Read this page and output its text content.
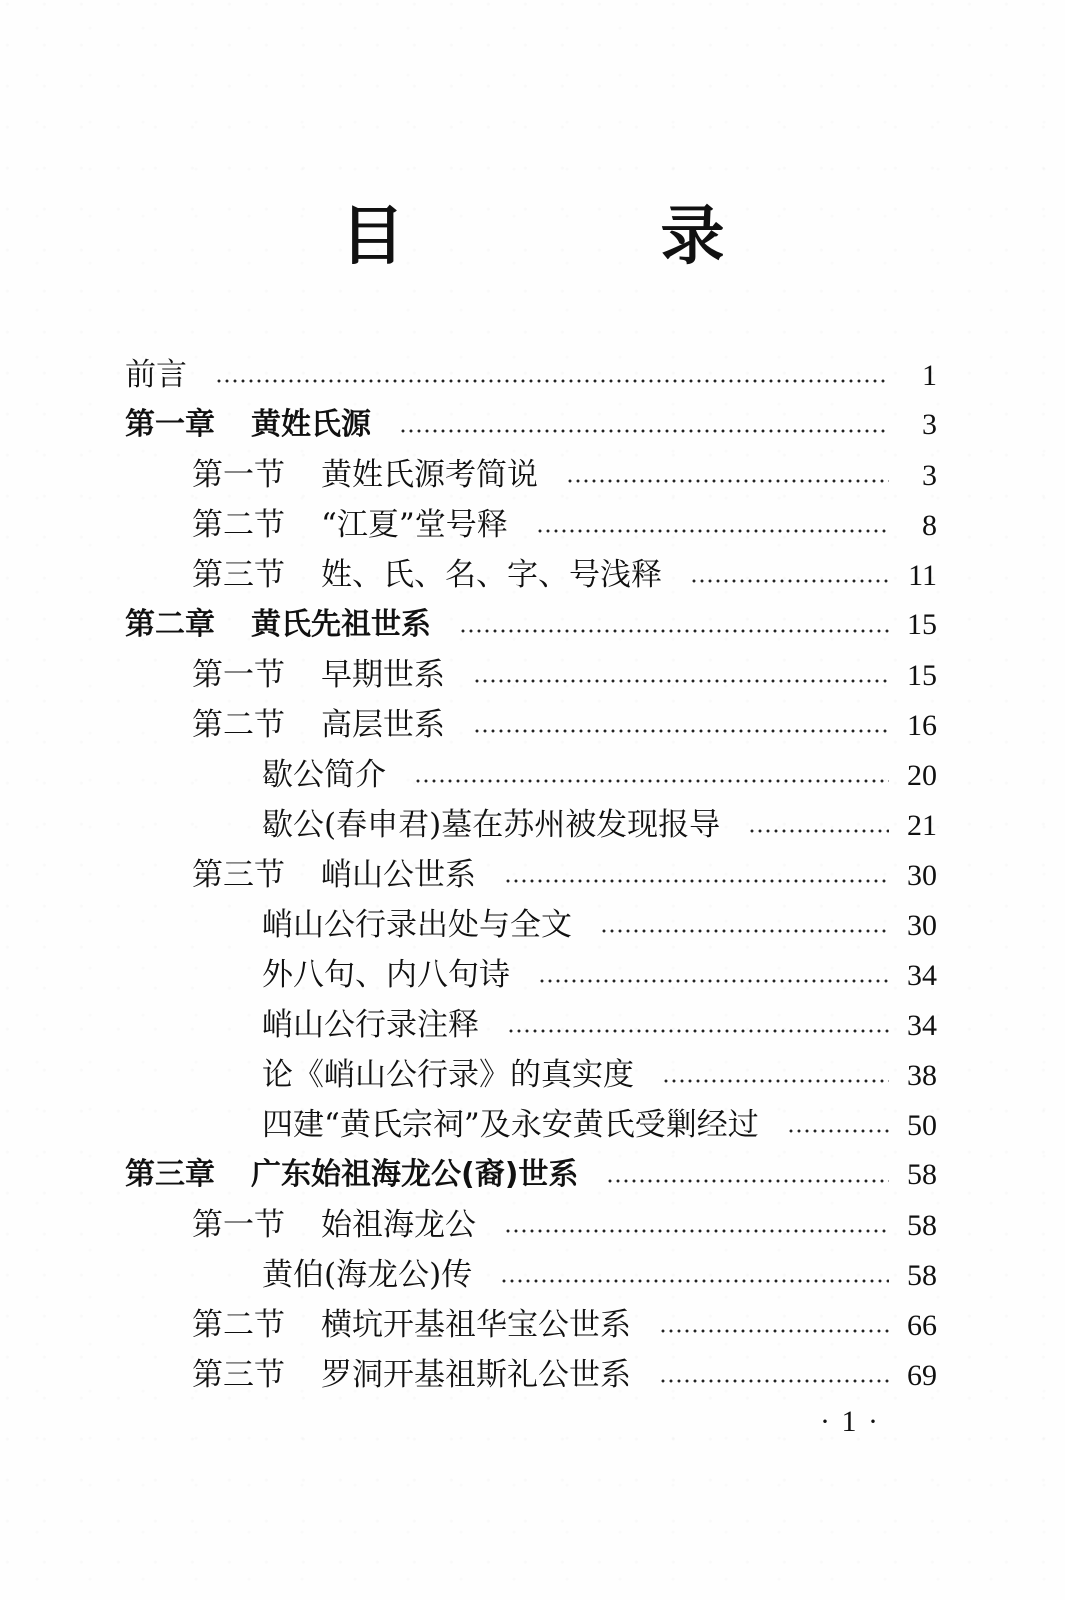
目　录
前言	1
第一章 黄姓氏源	3
第一节 黄姓氏源考简说	3
第二节 “江夏”堂号释	8
第三节 姓、氏、名、字、号浅释	11
第二章 黄氏先祖世系	15
第一节 早期世系	15
第二节 高层世系	16
歇公简介	20
歇公(春申君)墓在苏州被发现报导	21
第三节 峭山公世系	30
峭山公行录出处与全文	30
外八句、内八句诗	34
峭山公行录注释	34
论《峭山公行录》的真实度	38
四建“黄氏宗祠”及永安黄氏受剿经过	50
第三章 广东始祖海龙公(裔)世系	58
第一节 始祖海龙公	58
黄伯(海龙公)传	58
第二节 横坑开基祖华宝公世系	66
第三节 罗洞开基祖斯礼公世系	69
· 1 ·
